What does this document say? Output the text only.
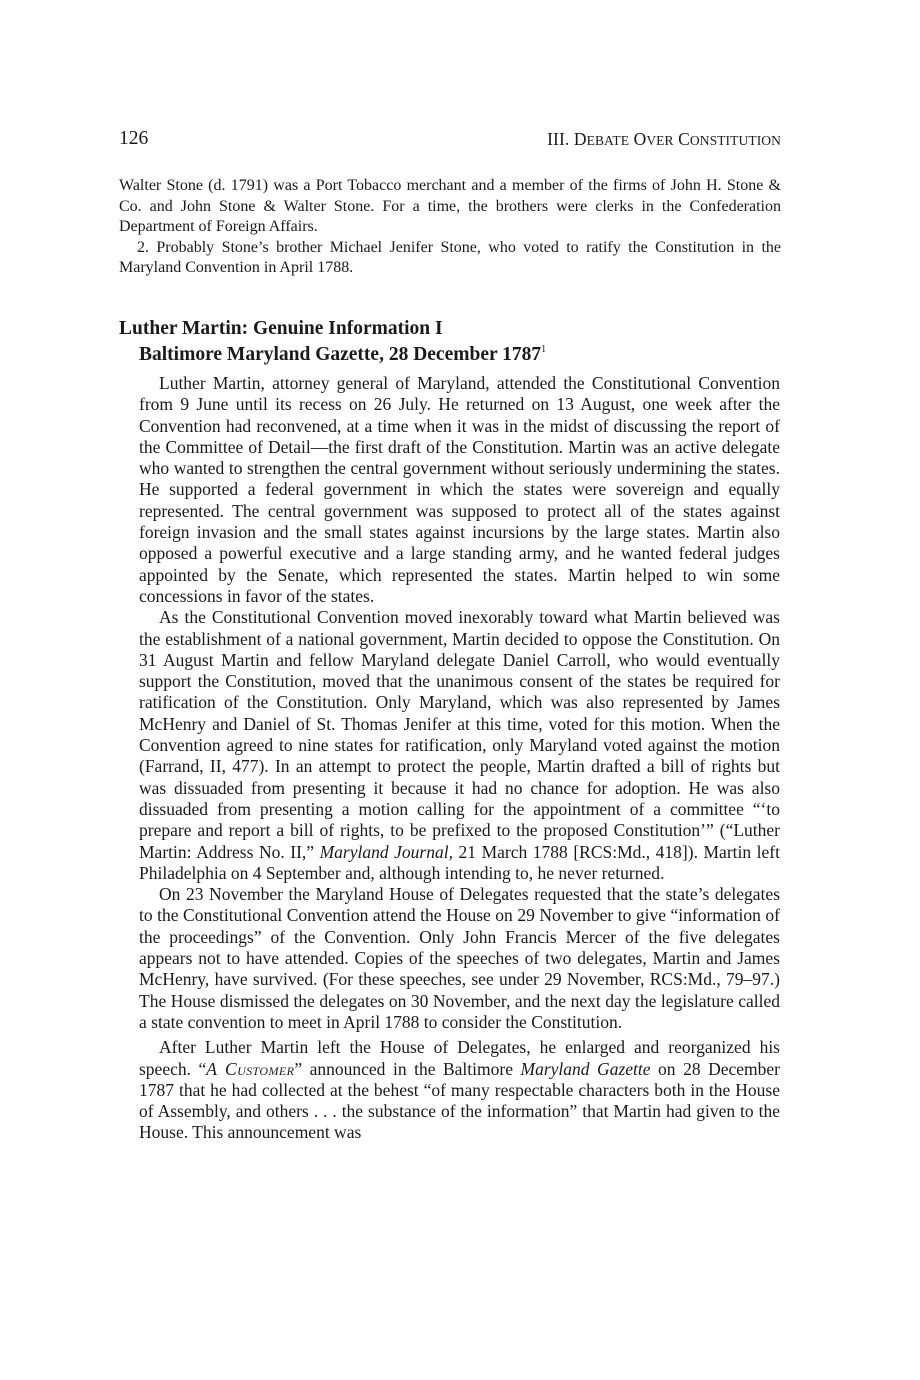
126	III. DEBATE OVER CONSTITUTION

Walter Stone (d. 1791) was a Port Tobacco merchant and a member of the firms of John H. Stone & Co. and John Stone & Walter Stone. For a time, the brothers were clerks in the Confederation Department of Foreign Affairs.

2. Probably Stone’s brother Michael Jenifer Stone, who voted to ratify the Constitution in the Maryland Convention in April 1788.

Luther Martin: Genuine Information I
Baltimore Maryland Gazette, 28 December 1787$^1$

Luther Martin, attorney general of Maryland, attended the Constitutional Convention from 9 June until its recess on 26 July. He returned on 13 August, one week after the Convention had reconvened, at a time when it was in the midst of discussing the report of the Committee of Detail—the first draft of the Constitution. Martin was an active delegate who wanted to strengthen the central government without seriously undermining the states. He supported a federal government in which the states were sovereign and equally represented. The central government was supposed to protect all of the states against foreign invasion and the small states against incursions by the large states. Martin also opposed a powerful executive and a large standing army, and he wanted federal judges appointed by the Senate, which represented the states. Martin helped to win some concessions in favor of the states.

As the Constitutional Convention moved inexorably toward what Martin believed was the establishment of a national government, Martin decided to oppose the Constitution. On 31 August Martin and fellow Maryland delegate Daniel Carroll, who would eventually support the Constitution, moved that the unanimous consent of the states be required for ratification of the Constitution. Only Maryland, which was also represented by James McHenry and Daniel of St. Thomas Jenifer at this time, voted for this motion. When the Convention agreed to nine states for ratification, only Maryland voted against the motion (Farrand, II, 477). In an attempt to protect the people, Martin drafted a bill of rights but was dissuaded from presenting it because it had no chance for adoption. He was also dissuaded from presenting a motion calling for the appointment of a committee “‘to prepare and report a bill of rights, to be prefixed to the proposed Constitution’” (“Luther Martin: Address No. II,” Maryland Journal, 21 March 1788 [RCS:Md., 418]). Martin left Philadelphia on 4 September and, although intending to, he never returned.

On 23 November the Maryland House of Delegates requested that the state’s delegates to the Constitutional Convention attend the House on 29 November to give “information of the proceedings” of the Convention. Only John Francis Mercer of the five delegates appears not to have attended. Copies of the speeches of two delegates, Martin and James McHenry, have survived. (For these speeches, see under 29 November, RCS:Md., 79–97.) The House dismissed the delegates on 30 November, and the next day the legislature called a state convention to meet in April 1788 to consider the Constitution.

After Luther Martin left the House of Delegates, he enlarged and reorganized his speech. “A Customer” announced in the Baltimore Maryland Gazette on 28 December 1787 that he had collected at the behest “of many respectable characters both in the House of Assembly, and others . . . the substance of the information” that Martin had given to the House. This announcement was
